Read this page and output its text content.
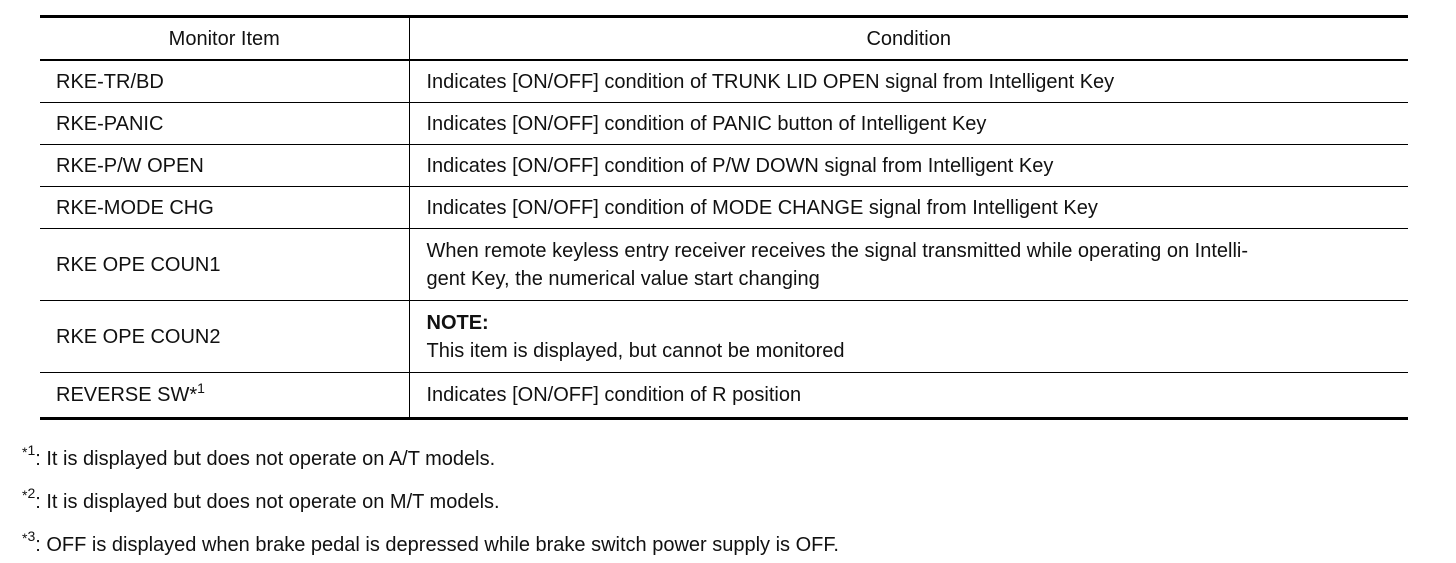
Monitor Item	Condition
RKE-TR/BD	Indicates [ON/OFF] condition of TRUNK LID OPEN signal from Intelligent Key
RKE-PANIC	Indicates [ON/OFF] condition of PANIC button of Intelligent Key
RKE-P/W OPEN	Indicates [ON/OFF] condition of P/W DOWN signal from Intelligent Key
RKE-MODE CHG	Indicates [ON/OFF] condition of MODE CHANGE signal from Intelligent Key
RKE OPE COUN1	When remote keyless entry receiver receives the signal transmitted while operating on Intelli-
gent Key, the numerical value start changing

RKE OPE COUN2	NOTE:
This item is displayed, but cannot be monitored

REVERSE SW*$^1$	Indicates [ON/OFF] condition of R position
$^{*1}$: It is displayed but does not operate on A/T models.
$^{*2}$: It is displayed but does not operate on M/T models.
$^{*3}$: OFF is displayed when brake pedal is depressed while brake switch power supply is OFF.
